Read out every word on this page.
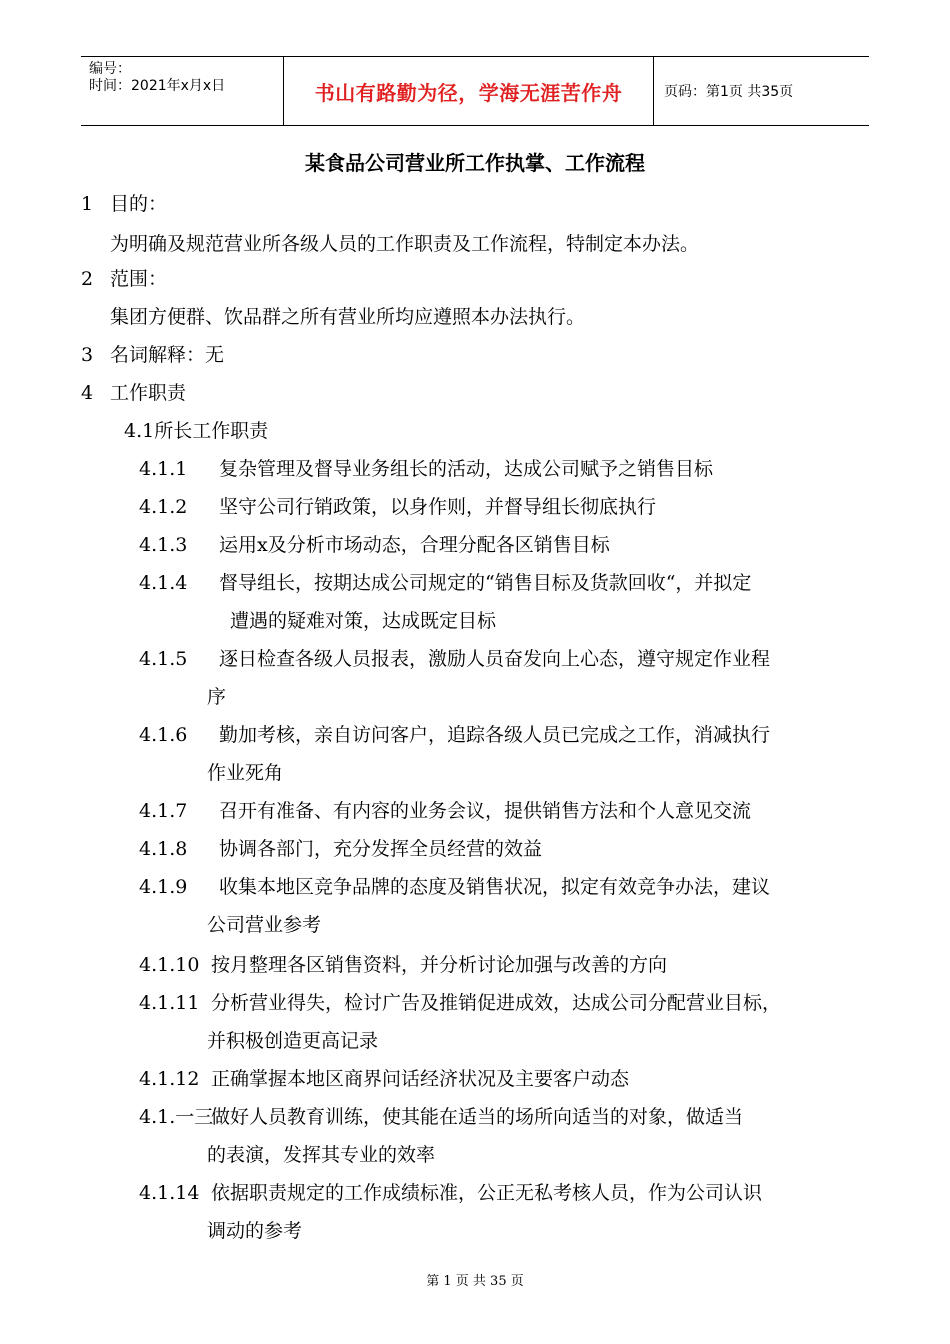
编号：
时间：2021年x月x日	书山有路勤为径，学海无涯苦作舟	页码：第1页 共35页
某食品公司营业所工作执掌、工作流程
1 目的：
为明确及规范营业所各级人员的工作职责及工作流程，特制定本办法。
2 范围：
集团方便群、饮品群之所有营业所均应遵照本办法执行。
3 名词解释：无
4 工作职责
4.1所长工作职责
4.1.1 复杂管理及督导业务组长的活动，达成公司赋予之销售目标
4.1.2 坚守公司行销政策，以身作则，并督导组长彻底执行
4.1.3 运用x及分析市场动态，合理分配各区销售目标
4.1.4 督导组长，按期达成公司规定的“销售目标及货款回收“，并拟定
遭遇的疑难对策，达成既定目标
4.1.5 逐日检查各级人员报表，激励人员奋发向上心态，遵守规定作业程
序
4.1.6 勤加考核，亲自访问客户，追踪各级人员已完成之工作，消减执行
作业死角
4.1.7 召开有准备、有内容的业务会议，提供销售方法和个人意见交流
4.1.8 协调各部门，充分发挥全员经营的效益
4.1.9 收集本地区竞争品牌的态度及销售状况，拟定有效竞争办法，建议
公司营业参考
4.1.10 按月整理各区销售资料，并分析讨论加强与改善的方向
4.1.11 分析营业得失，检讨广告及推销促进成效，达成公司分配营业目标，
并积极创造更高记录
4.1.12 正确掌握本地区商界问话经济状况及主要客户动态
4.1.一三做好人员教育训练，使其能在适当的场所向适当的对象，做适当
的表演，发挥其专业的效率
4.1.14 依据职责规定的工作成绩标准，公正无私考核人员，作为公司认识
调动的参考
第 1 页 共 35 页
